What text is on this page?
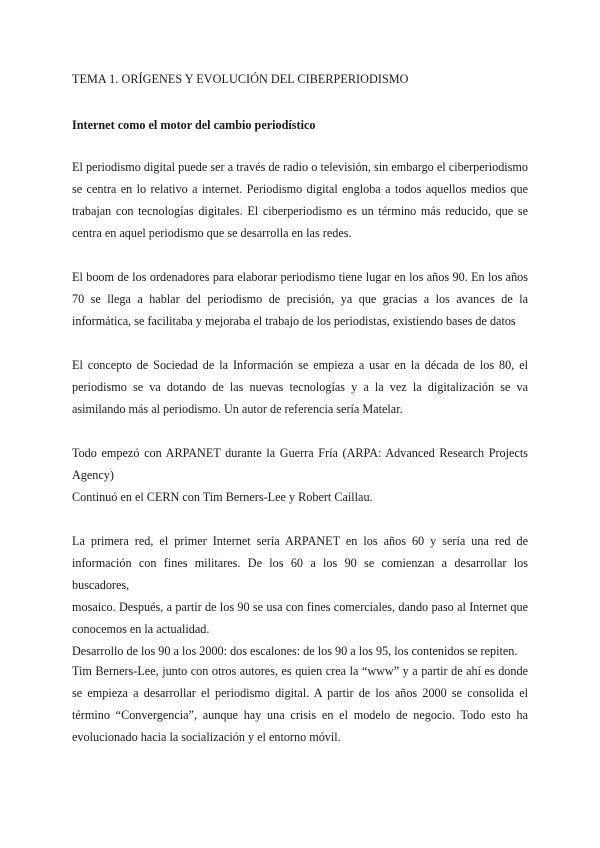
TEMA 1. ORÍGENES Y EVOLUCIÓN DEL CIBERPERIODISMO
Internet como el motor del cambio periodístico

El periodismo digital puede ser a través de radio o televisión, sin embargo el ciberperiodismo
se centra en lo relativo a internet. Periodismo digital engloba a todos aquellos medios que
trabajan con tecnologías digitales. El ciberperiodismo es un término más reducido, que se
centra en aquel periodismo que se desarrolla en las redes.

El boom de los ordenadores para elaborar periodismo tiene lugar en los años 90. En los años
70 se llega a hablar del periodismo de precisión, ya que gracias a los avances de la
informática, se facilitaba y mejoraba el trabajo de los periodistas, existiendo bases de datos

El concepto de Sociedad de la Información se empieza a usar en la década de los 80, el
periodismo se va dotando de las nuevas tecnologías y a la vez la digitalización se va
asimilando más al periodismo. Un autor de referencia sería Matelar.

Todo empezó con ARPANET durante la Guerra Fría (ARPA: Advanced Research Projects
Agency)
Continuó en el CERN con Tim Berners-Lee y Robert Caillau.

La primera red, el primer Internet sería ARPANET en los años 60 y sería una red de
información con fines militares. De los 60 a los 90 se comienzan a desarrollar los buscadores,
mosaico. Después, a partir de los 90 se usa con fines comerciales, dando paso al Internet que
conocemos en la actualidad.
Desarrollo de los 90 a los 2000: dos escalones: de los 90 a los 95, los contenidos se repiten.

Tim Berners-Lee, junto con otros autores, es quien crea la “www” y a partir de ahí es donde
se empieza a desarrollar el periodismo digital. A partir de los años 2000 se consolida el
término “Convergencia”, aunque hay una crisis en el modelo de negocio. Todo esto ha
evolucionado hacia la socialización y el entorno móvil.
